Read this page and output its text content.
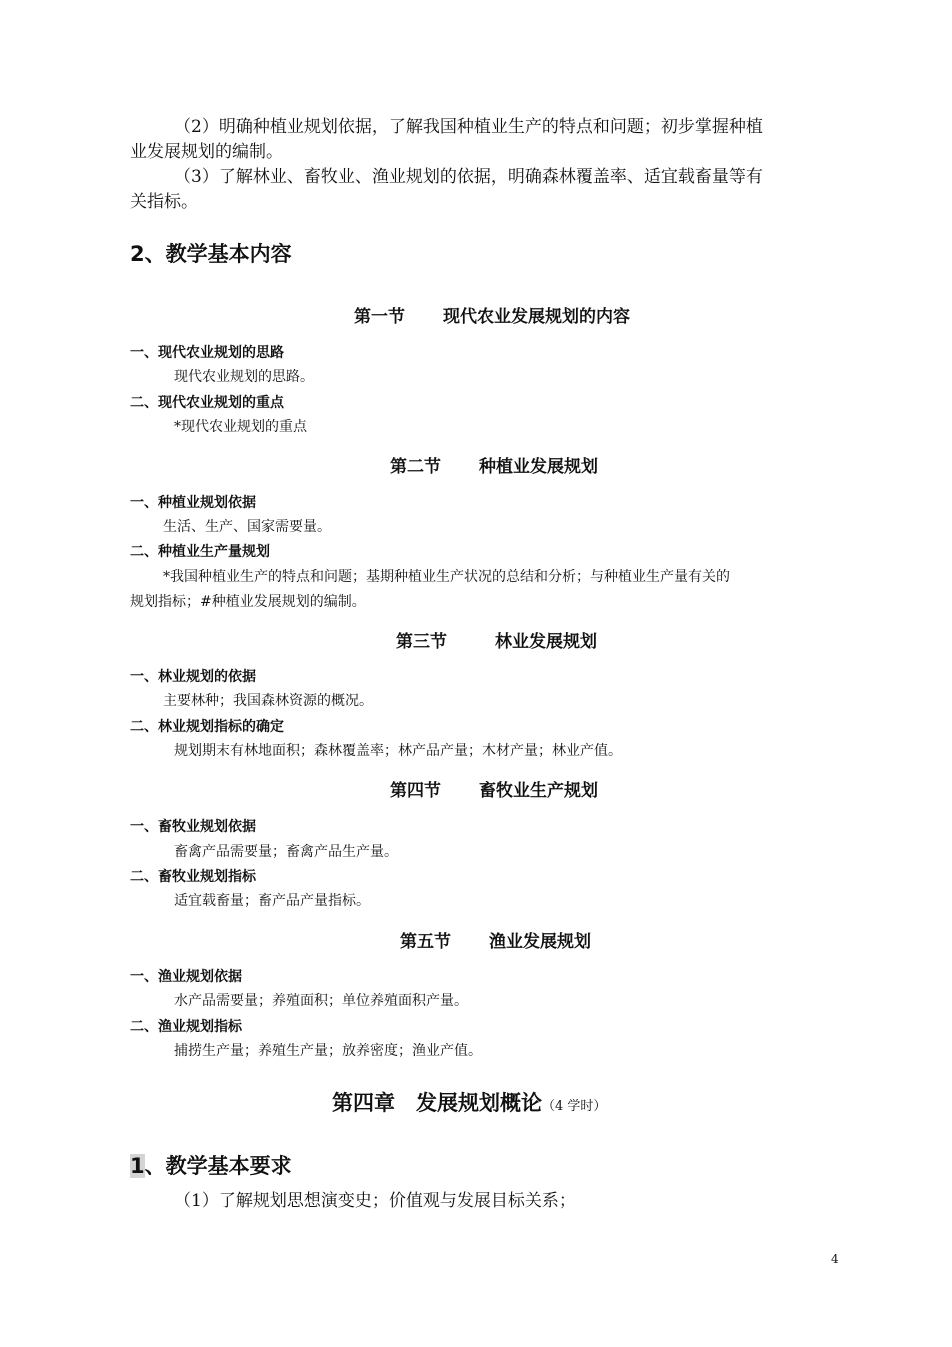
（2）明确种植业规划依据，了解我国种植业生产的特点和问题；初步掌握种植
业发展规划的编制。
（3）了解林业、畜牧业、渔业规划的依据，明确森林覆盖率、适宜载畜量等有
关指标。
2、教学基本内容
第一节 现代农业发展规划的内容
一、现代农业规划的思路
现代农业规划的思路。
二、现代农业规划的重点
*现代农业规划的重点
第二节 种植业发展规划
一、种植业规划依据
生活、生产、国家需要量。
二、种植业生产量规划
*我国种植业生产的特点和问题；基期种植业生产状况的总结和分析；与种植业生产量有关的
规划指标；#种植业发展规划的编制。
第三节	林业发展规划
一、林业规划的依据
主要林种；我国森林资源的概况。
二、林业规划指标的确定
规划期末有林地面积；森林覆盖率；林产品产量；木材产量；林业产值。
第四节 畜牧业生产规划
一、畜牧业规划依据
畜禽产品需要量；畜禽产品生产量。
二、畜牧业规划指标
适宜载畜量；畜产品产量指标。
第五节 渔业发展规划
一、渔业规划依据
水产品需要量；养殖面积；单位养殖面积产量。
二、渔业规划指标
捕捞生产量；养殖生产量；放养密度；渔业产值。
第四章　发展规划概论（4 学时）
1、教学基本要求
（1）了解规划思想演变史；价值观与发展目标关系；
4
